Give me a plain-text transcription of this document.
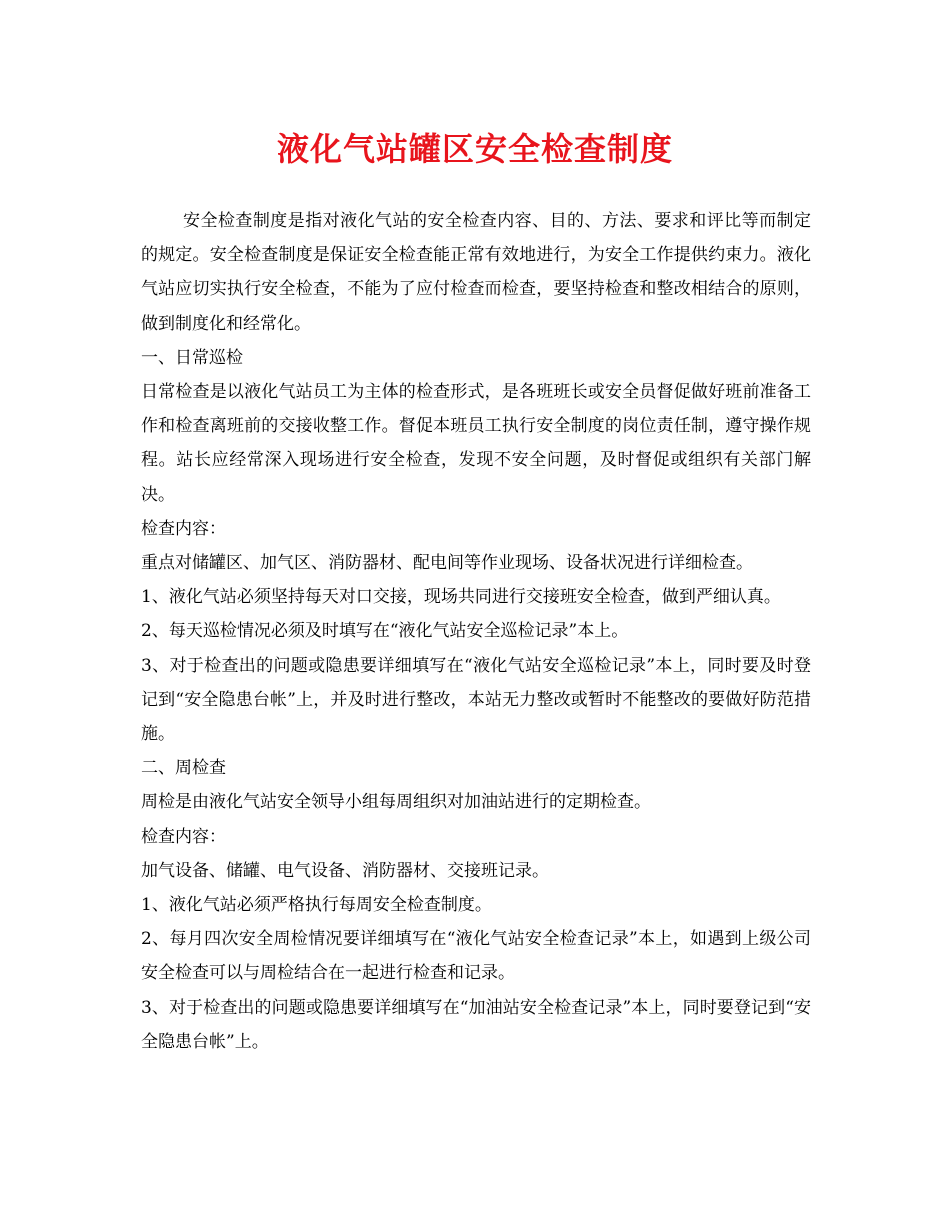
液化气站罐区安全检查制度

安全检查制度是指对液化气站的安全检查内容、目的、方法、要求和评比等而制定的规定。安全检查制度是保证安全检查能正常有效地进行，为安全工作提供约束力。液化气站应切实执行安全检查，不能为了应付检查而检查，要坚持检查和整改相结合的原则，做到制度化和经常化。

一、日常巡检

日常检查是以液化气站员工为主体的检查形式，是各班班长或安全员督促做好班前准备工作和检查离班前的交接收整工作。督促本班员工执行安全制度的岗位责任制，遵守操作规程。站长应经常深入现场进行安全检查，发现不安全问题，及时督促或组织有关部门解决。

检查内容：

重点对储罐区、加气区、消防器材、配电间等作业现场、设备状况进行详细检查。

1、液化气站必须坚持每天对口交接，现场共同进行交接班安全检查，做到严细认真。

2、每天巡检情况必须及时填写在“液化气站安全巡检记录”本上。

3、对于检查出的问题或隐患要详细填写在“液化气站安全巡检记录”本上，同时要及时登记到“安全隐患台帐”上，并及时进行整改，本站无力整改或暂时不能整改的要做好防范措施。

二、周检查

周检是由液化气站安全领导小组每周组织对加油站进行的定期检查。

检查内容：

加气设备、储罐、电气设备、消防器材、交接班记录。

1、液化气站必须严格执行每周安全检查制度。

2、每月四次安全周检情况要详细填写在“液化气站安全检查记录”本上，如遇到上级公司安全检查可以与周检结合在一起进行检查和记录。

3、对于检查出的问题或隐患要详细填写在“加油站安全检查记录”本上，同时要登记到“安全隐患台帐”上。
